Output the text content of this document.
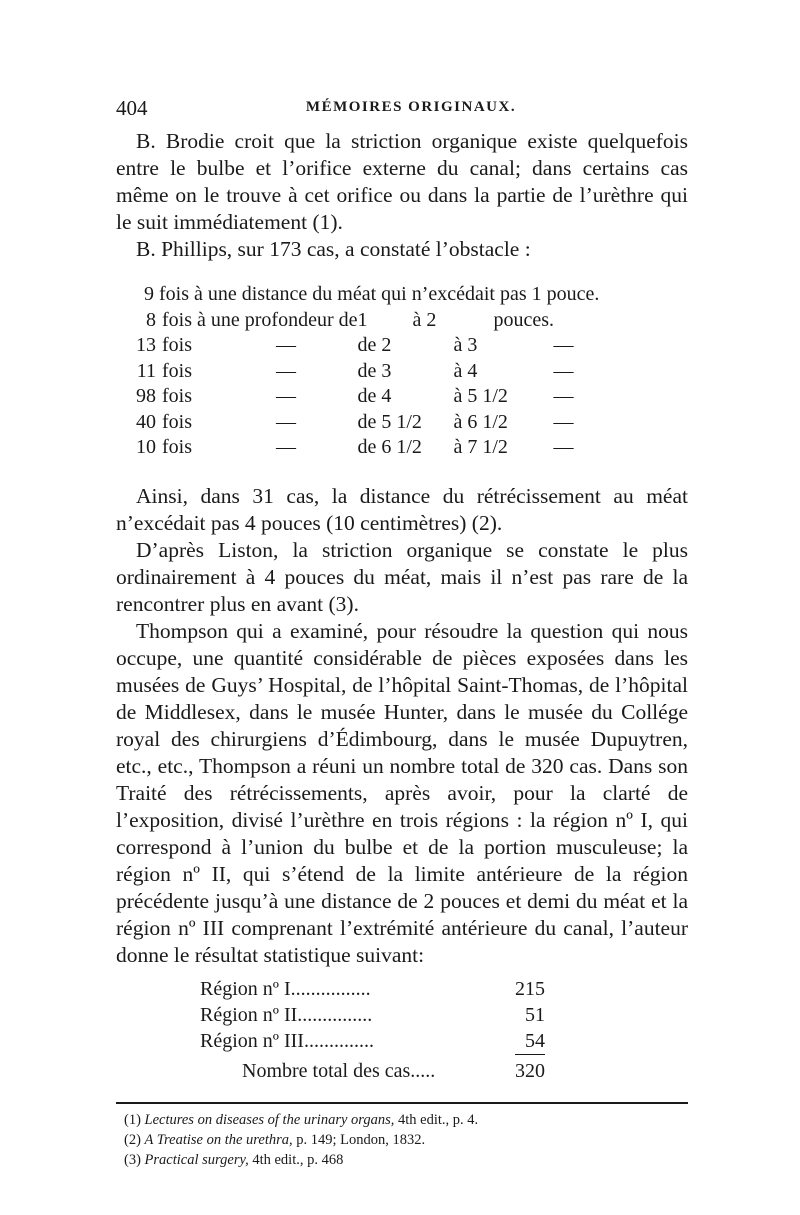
404	MÉMOIRES ORIGINAUX.

B. Brodie croit que la striction organique existe quelquefois entre le bulbe et l’orifice externe du canal; dans certains cas même on le trouve à cet orifice ou dans la partie de l’urèthre qui le suit immédiatement (1).

B. Phillips, sur 173 cas, a constaté l’obstacle :

9 fois à une distance du méat qui n’excédait pas 1 pouce.					
8	fois à une profondeur de		1 à 2	pouces.	
13	fois	—	de 2	à 3	—
11	fois	—	de 3	à 4	—
98	fois	—	de 4	à 5 1/2	—
40	fois	—	de 5 1/2	à 6 1/2	—
10	fois	—	de 6 1/2	à 7 1/2	—

Ainsi, dans 31 cas, la distance du rétrécissement au méat n’excédait pas 4 pouces (10 centimètres) (2).

D’après Liston, la striction organique se constate le plus ordinairement à 4 pouces du méat, mais il n’est pas rare de la rencontrer plus en avant (3).

Thompson qui a examiné, pour résoudre la question qui nous occupe, une quantité considérable de pièces exposées dans les musées de Guys’ Hospital, de l’hôpital Saint-Thomas, de l’hôpital de Middlesex, dans le musée Hunter, dans le musée du Collége royal des chirurgiens d’Édimbourg, dans le musée Dupuytren, etc., etc., Thompson a réuni un nombre total de 320 cas. Dans son Traité des rétrécissements, après avoir, pour la clarté de l’exposition, divisé l’urèthre en trois régions : la région nº I, qui correspond à l’union du bulbe et de la portion musculeuse; la région nº II, qui s’étend de la limite antérieure de la région précédente jusqu’à une distance de 2 pouces et demi du méat et la région nº III comprenant l’extrémité antérieure du canal, l’auteur donne le résultat statistique suivant:

Région nº I................	215
Région nº II...............	51
Région nº III..............	54
Nombre total des cas.....	320
(1) Lectures on diseases of the urinary organs, 4th edit., p. 4.
(2) A Treatise on the urethra, p. 149; London, 1832.
(3) Practical surgery, 4th edit., p. 468
